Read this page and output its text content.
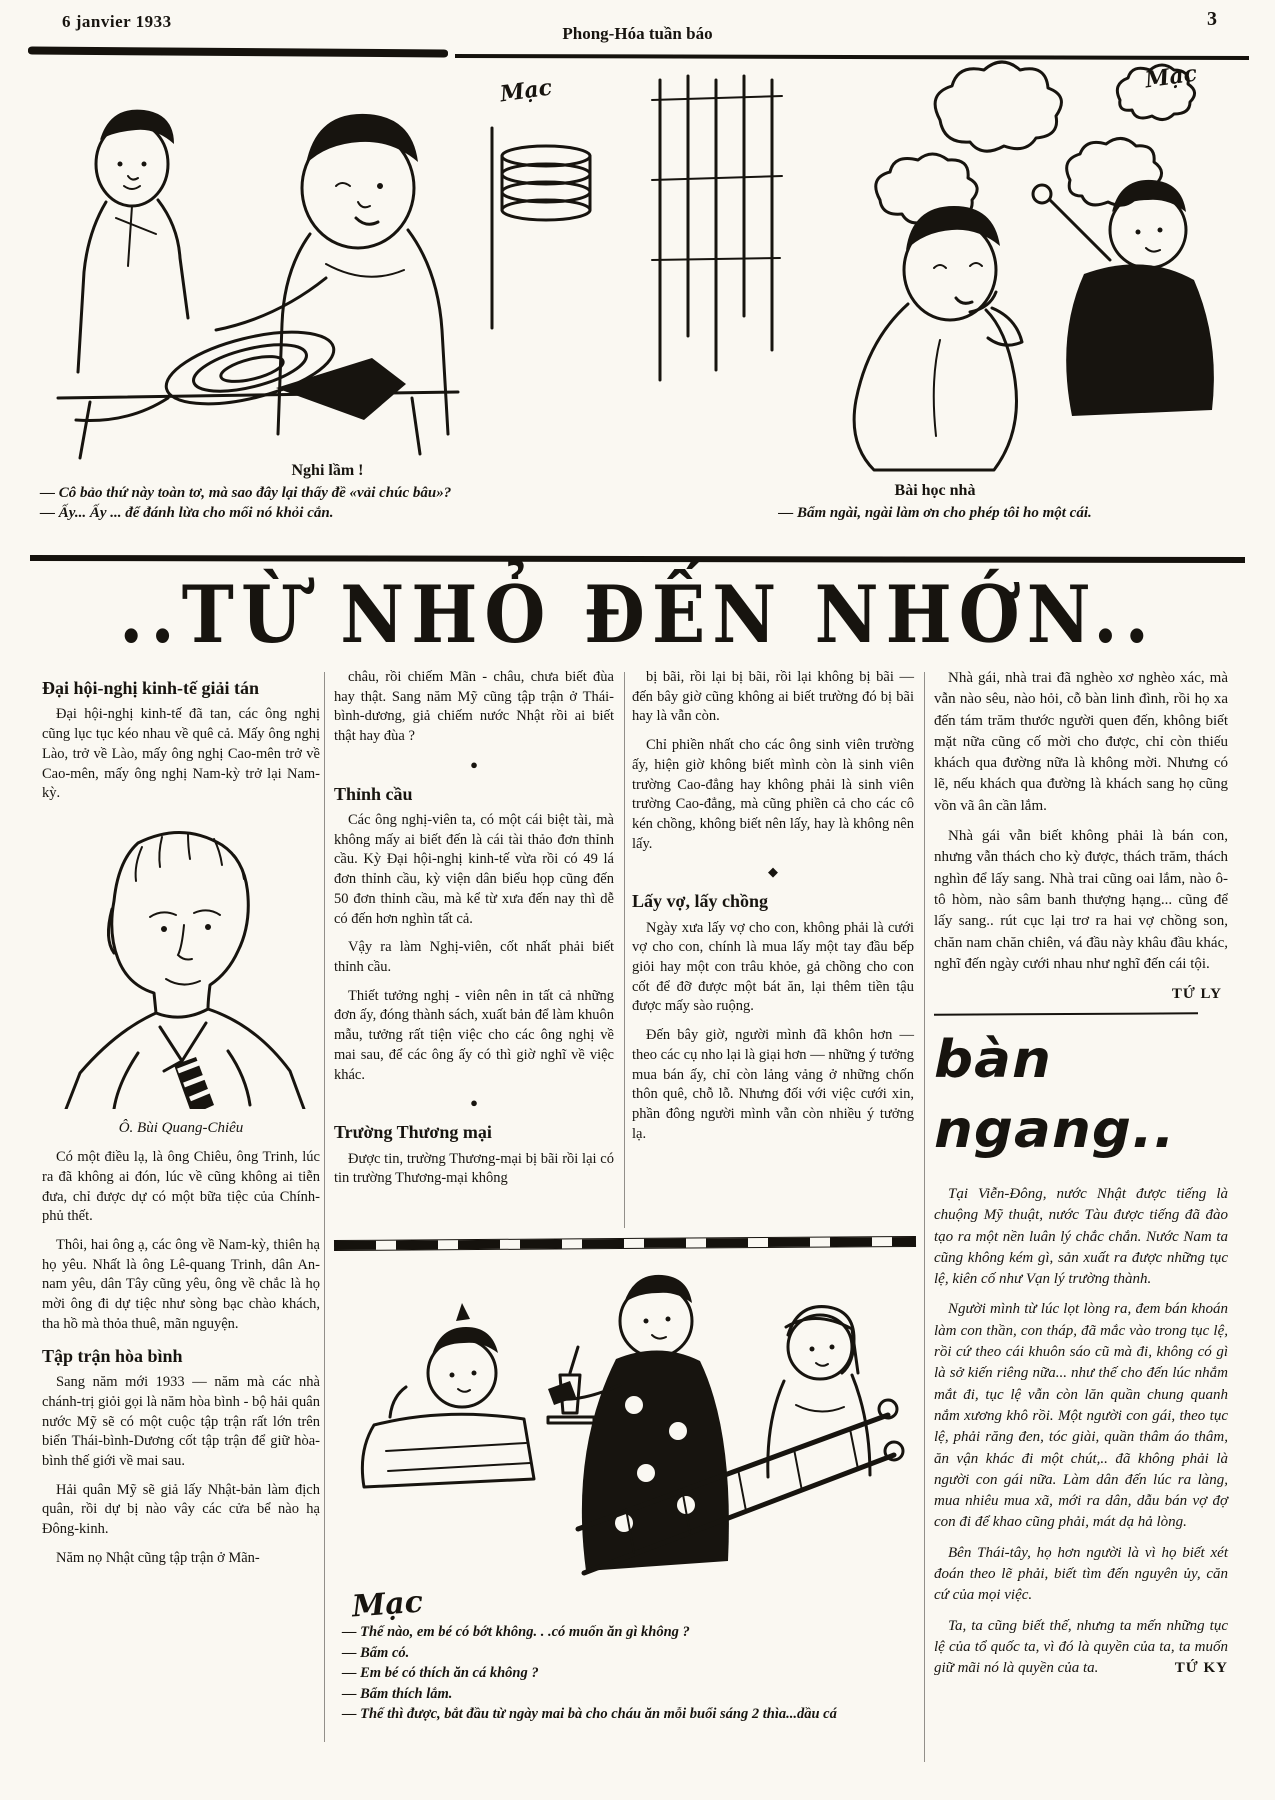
6 janvier 1933
Phong-Hóa tuần báo
3
Nghi lầm !
— Cô bảo thứ này toàn tơ, mà sao đây lại thấy đề «vải chúc bâu»?
— Ấy... Ấy ... để đánh lừa cho mối nó khỏi cắn.
Mạc
Bài học nhà
— Bẩm ngài, ngài làm ơn cho phép tôi ho một cái.
Mạc
..TỪ NHỎ ĐẾN NHỚN..
Đại hội-nghị kinh-tế giải tán

Đại hội-nghị kinh-tế đã tan, các ông nghị cũng lục tục kéo nhau về quê cả. Mấy ông nghị Lào, trở về Lào, mấy ông nghị Cao-mên trở về Cao-mên, mấy ông nghị Nam-kỳ trở lại Nam-kỳ.

Ô. Bùi Quang-Chiêu

Có một điều lạ, là ông Chiêu, ông Trinh, lúc ra đã không ai đón, lúc về cũng không ai tiễn đưa, chỉ được dự có một bữa tiệc của Chính-phủ thết.

Thôi, hai ông ạ, các ông về Nam-kỳ, thiên hạ họ yêu. Nhất là ông Lê-quang Trinh, dân An-nam yêu, dân Tây cũng yêu, ông về chắc là họ mời ông đi dự tiệc như sòng bạc chào khách, tha hồ mà thỏa thuê, mãn nguyện.

Tập trận hòa bình

Sang năm mới 1933 — năm mà các nhà chánh-trị giỏi gọi là năm hòa bình - bộ hải quân nước Mỹ sẽ có một cuộc tập trận rất lớn trên biển Thái-bình-Dương cốt tập trận để giữ hòa-bình thế giới về mai sau.

Hải quân Mỹ sẽ giả lấy Nhật-bản làm địch quân, rồi dự bị nào vây các cửa bể nào hạ Đông-kinh.

Năm nọ Nhật cũng tập trận ở Mãn-

châu, rồi chiếm Mãn - châu, chưa biết đùa hay thật. Sang năm Mỹ cũng tập trận ở Thái-bình-dương, giả chiếm nước Nhật rồi ai biết thật hay đùa ?

●
Thỉnh cầu

Các ông nghị-viên ta, có một cái biệt tài, mà không mấy ai biết đến là cái tài thảo đơn thỉnh cầu. Kỳ Đại hội-nghị kinh-tế vừa rồi có 49 lá đơn thỉnh cầu, kỳ viện dân biểu họp cũng đến 50 đơn thỉnh cầu, mà kể từ xưa đến nay thì dễ có đến hơn nghìn tất cả.

Vậy ra làm Nghị-viên, cốt nhất phải biết thỉnh cầu.

Thiết tưởng nghị - viên nên in tất cả những đơn ấy, đóng thành sách, xuất bản để làm khuôn mẫu, tưởng rất tiện việc cho các ông nghị về mai sau, để các ông ấy có thì giờ nghĩ về việc khác.

●
Trường Thương mại

Được tin, trường Thương-mại bị bãi rồi lại có tin trường Thương-mại không

bị bãi, rồi lại bị bãi, rồi lại không bị bãi — đến bây giờ cũng không ai biết trường đó bị bãi hay là vẫn còn.

Chỉ phiền nhất cho các ông sinh viên trường ấy, hiện giờ không biết mình còn là sinh viên trường Cao-đẳng hay không phải là sinh viên trường Cao-đẳng, mà cũng phiền cả cho các cô kén chồng, không biết nên lấy, hay là không nên lấy.

◆
Lấy vợ, lấy chồng

Ngày xưa lấy vợ cho con, không phải là cưới vợ cho con, chính là mua lấy một tay đầu bếp giỏi hay một con trâu khỏe, gả chồng cho con cốt để đỡ được một bát ăn, lại thêm tiền tậu được mấy sào ruộng.

Đến bây giờ, người mình đã khôn hơn — theo các cụ nho lại là giại hơn — những ý tưởng mua bán ấy, chỉ còn lảng vảng ở những chốn thôn quê, chỗ lỗ. Nhưng đối với việc cưới xin, phần đông người mình vẫn còn nhiều ý tưởng lạ.

Nhà gái, nhà trai đã nghèo xơ nghèo xác, mà vẫn nào sêu, nào hỏi, cỗ bàn linh đình, rồi họ xa đến tám trăm thước người quen đến, không biết mặt nữa cũng cố mời cho được, chỉ còn thiếu khách qua đường nữa là không mời. Nhưng có lẽ, nếu khách qua đường là khách sang họ cũng vồn vã ân cần lắm.

Nhà gái vẫn biết không phải là bán con, nhưng vẫn thách cho kỳ được, thách trăm, thách nghìn để lấy sang. Nhà trai cũng oai lắm, nào ô-tô hòm, nào sâm banh thượng hạng... cũng để lấy sang.. rút cục lại trơ ra hai vợ chồng son, chăn nam chăn chiên, vá đầu này khâu đầu khác, nghĩ đến ngày cưới nhau như nghĩ đến cái tội.

TỨ LY
bàn ngang..

Tại Viễn-Đông, nước Nhật được tiếng là chuộng Mỹ thuật, nước Tàu được tiếng đã đào tạo ra một nền luân lý chắc chắn. Nước Nam ta cũng không kém gì, sản xuất ra được những tục lệ, kiên cố như Vạn lý trường thành.

Người mình từ lúc lọt lòng ra, đem bán khoán làm con thần, con tháp, đã mắc vào trong tục lệ, rồi cứ theo cái khuôn sáo cũ mà đi, không có gì là sở kiến riêng nữa... như thế cho đến lúc nhắm mắt đi, tục lệ vẫn còn lăn quần chung quanh nắm xương khô rồi. Một người con gái, theo tục lệ, phải răng đen, tóc giài, quần thâm áo thâm, ăn vận khác đi một chút,.. đã không phải là người con gái nữa. Làm dân đến lúc ra làng, mua nhiêu mua xã, mới ra dân, dẫu bán vợ đợ con đi để khao cũng phải, mát dạ hả lòng.

Bên Thái-tây, họ hơn người là vì họ biết xét đoán theo lẽ phải, biết tìm đến nguyên ủy, căn cứ của mọi việc.

Ta, ta cũng biết thế, nhưng ta mến những tục lệ của tổ quốc ta, vì đó là quyền của ta, ta muốn giữ mãi nó là quyền của ta.	TỨ KY

Mạc
— Thế nào, em bé có bớt không. . .có muốn ăn gì không ?
— Bẩm có.
— Em bé có thích ăn cá không ?
— Bẩm thích lắm.
— Thế thì được, bắt đầu từ ngày mai bà cho cháu ăn mỗi buổi sáng 2 thìa...dầu cá
